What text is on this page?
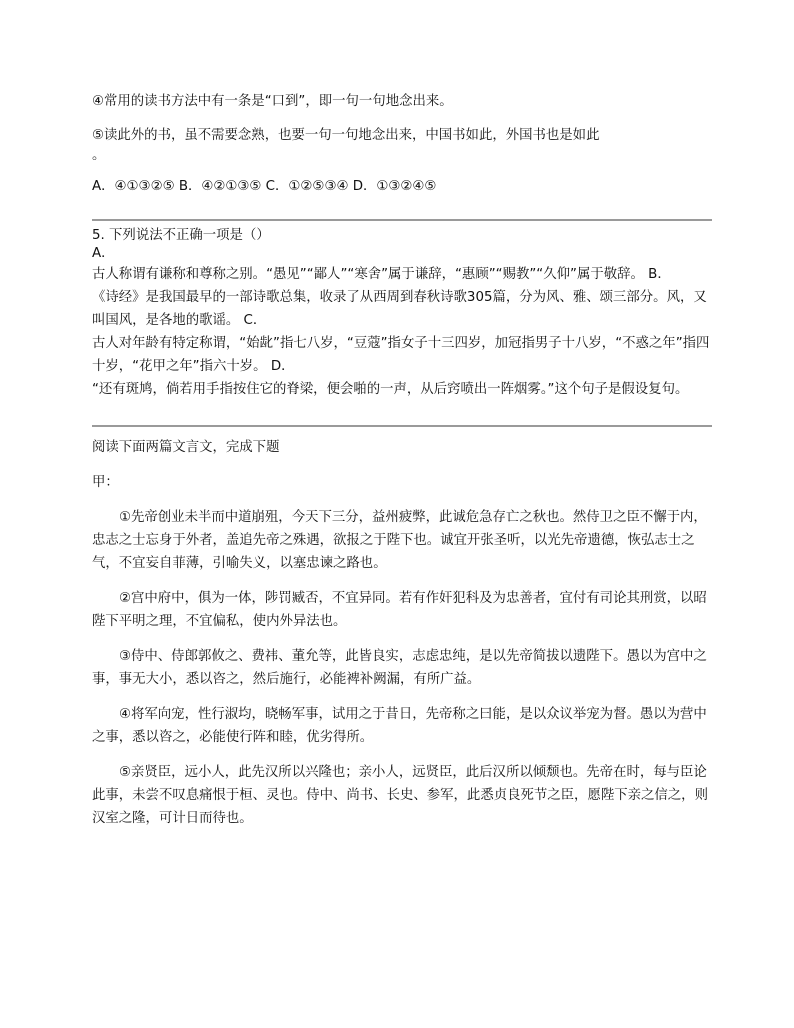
④常用的读书方法中有一条是“口到”，即一句一句地念出来。

⑤读此外的书，虽不需要念熟，也要一句一句地念出来，中国书如此，外国书也是如此

。

A．④①③②⑤ B．④②①③⑤ C．①②⑤③④ D．①③②④⑤

5. 下列说法不正确一项是（）

A．

古人称谓有谦称和尊称之别。“愚见”“鄙人”“寒舍”属于谦辞，“惠顾”“赐教”“久仰”属于敬辞。 B．

《诗经》是我国最早的一部诗歌总集，收录了从西周到春秋诗歌305篇，分为风、雅、颂三部分。风，又叫国风，是各地的歌谣。 C．

古人对年龄有特定称谓，“始龀”指七八岁，“豆蔻”指女子十三四岁，加冠指男子十八岁，“不惑之年”指四十岁，“花甲之年”指六十岁。 D．

“还有斑鸠，倘若用手指按住它的脊梁，便会啪的一声，从后窍喷出一阵烟雾。”这个句子是假设复句。

阅读下面两篇文言文，完成下题

甲：

①先帝创业未半而中道崩殂，今天下三分，益州疲弊，此诚危急存亡之秋也。然侍卫之臣不懈于内，忠志之士忘身于外者，盖追先帝之殊遇，欲报之于陛下也。诚宜开张圣听，以光先帝遗德，恢弘志士之气，不宜妄自菲薄，引喻失义，以塞忠谏之路也。

②宫中府中，俱为一体，陟罚臧否，不宜异同。若有作奸犯科及为忠善者，宜付有司论其刑赏，以昭陛下平明之理，不宜偏私，使内外异法也。

③侍中、侍郎郭攸之、费祎、董允等，此皆良实，志虑忠纯，是以先帝简拔以遗陛下。愚以为宫中之事，事无大小，悉以咨之，然后施行，必能裨补阙漏，有所广益。

④将军向宠，性行淑均，晓畅军事，试用之于昔日，先帝称之曰能，是以众议举宠为督。愚以为营中之事，悉以咨之，必能使行阵和睦，优劣得所。

⑤亲贤臣，远小人，此先汉所以兴隆也；亲小人，远贤臣，此后汉所以倾颓也。先帝在时，每与臣论此事，未尝不叹息痛恨于桓、灵也。侍中、尚书、长史、参军，此悉贞良死节之臣，愿陛下亲之信之，则汉室之隆，可计日而待也。
